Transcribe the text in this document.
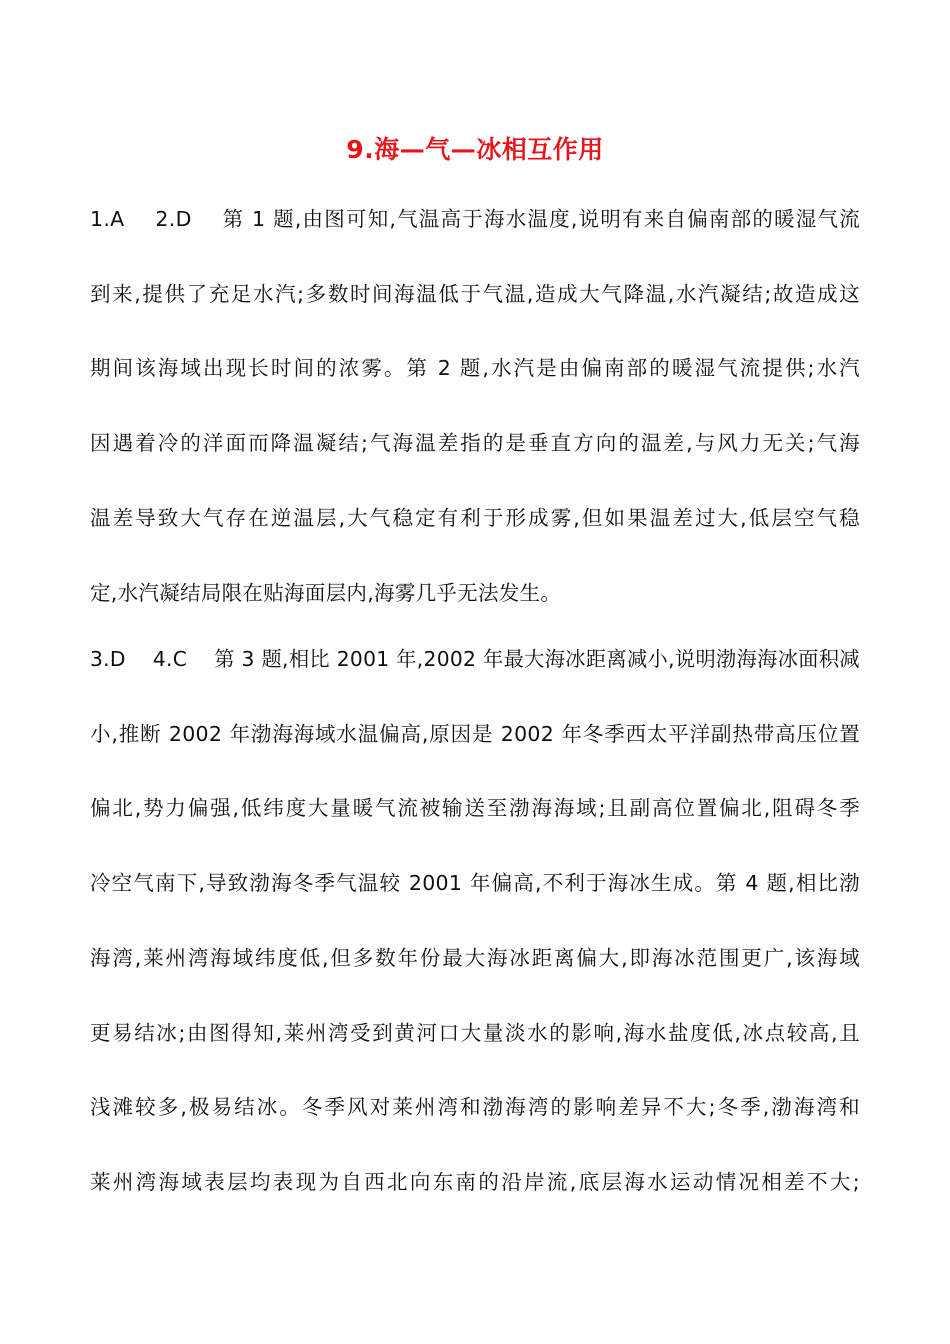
9.海—气—冰相互作用
1.A    2.D    第 1 题,由图可知,气温高于海水温度,说明有来自偏南部的暖湿气流
到来,提供了充足水汽;多数时间海温低于气温,造成大气降温,水汽凝结;故造成这
期间该海域出现长时间的浓雾。第 2 题,水汽是由偏南部的暖湿气流提供;水汽
因遇着冷的洋面而降温凝结;气海温差指的是垂直方向的温差,与风力无关;气海
温差导致大气存在逆温层,大气稳定有利于形成雾,但如果温差过大,低层空气稳
定,水汽凝结局限在贴海面层内,海雾几乎无法发生。
3.D    4.C    第 3 题,相比 2001 年,2002 年最大海冰距离减小,说明渤海海冰面积减
小,推断 2002 年渤海海域水温偏高,原因是 2002 年冬季西太平洋副热带高压位置
偏北,势力偏强,低纬度大量暖气流被输送至渤海海域;且副高位置偏北,阻碍冬季
冷空气南下,导致渤海冬季气温较 2001 年偏高,不利于海冰生成。第 4 题,相比渤
海湾,莱州湾海域纬度低,但多数年份最大海冰距离偏大,即海冰范围更广,该海域
更易结冰;由图得知,莱州湾受到黄河口大量淡水的影响,海水盐度低,冰点较高,且
浅滩较多,极易结冰。冬季风对莱州湾和渤海湾的影响差异不大;冬季,渤海湾和
莱州湾海域表层均表现为自西北向东南的沿岸流,底层海水运动情况相差不大;
